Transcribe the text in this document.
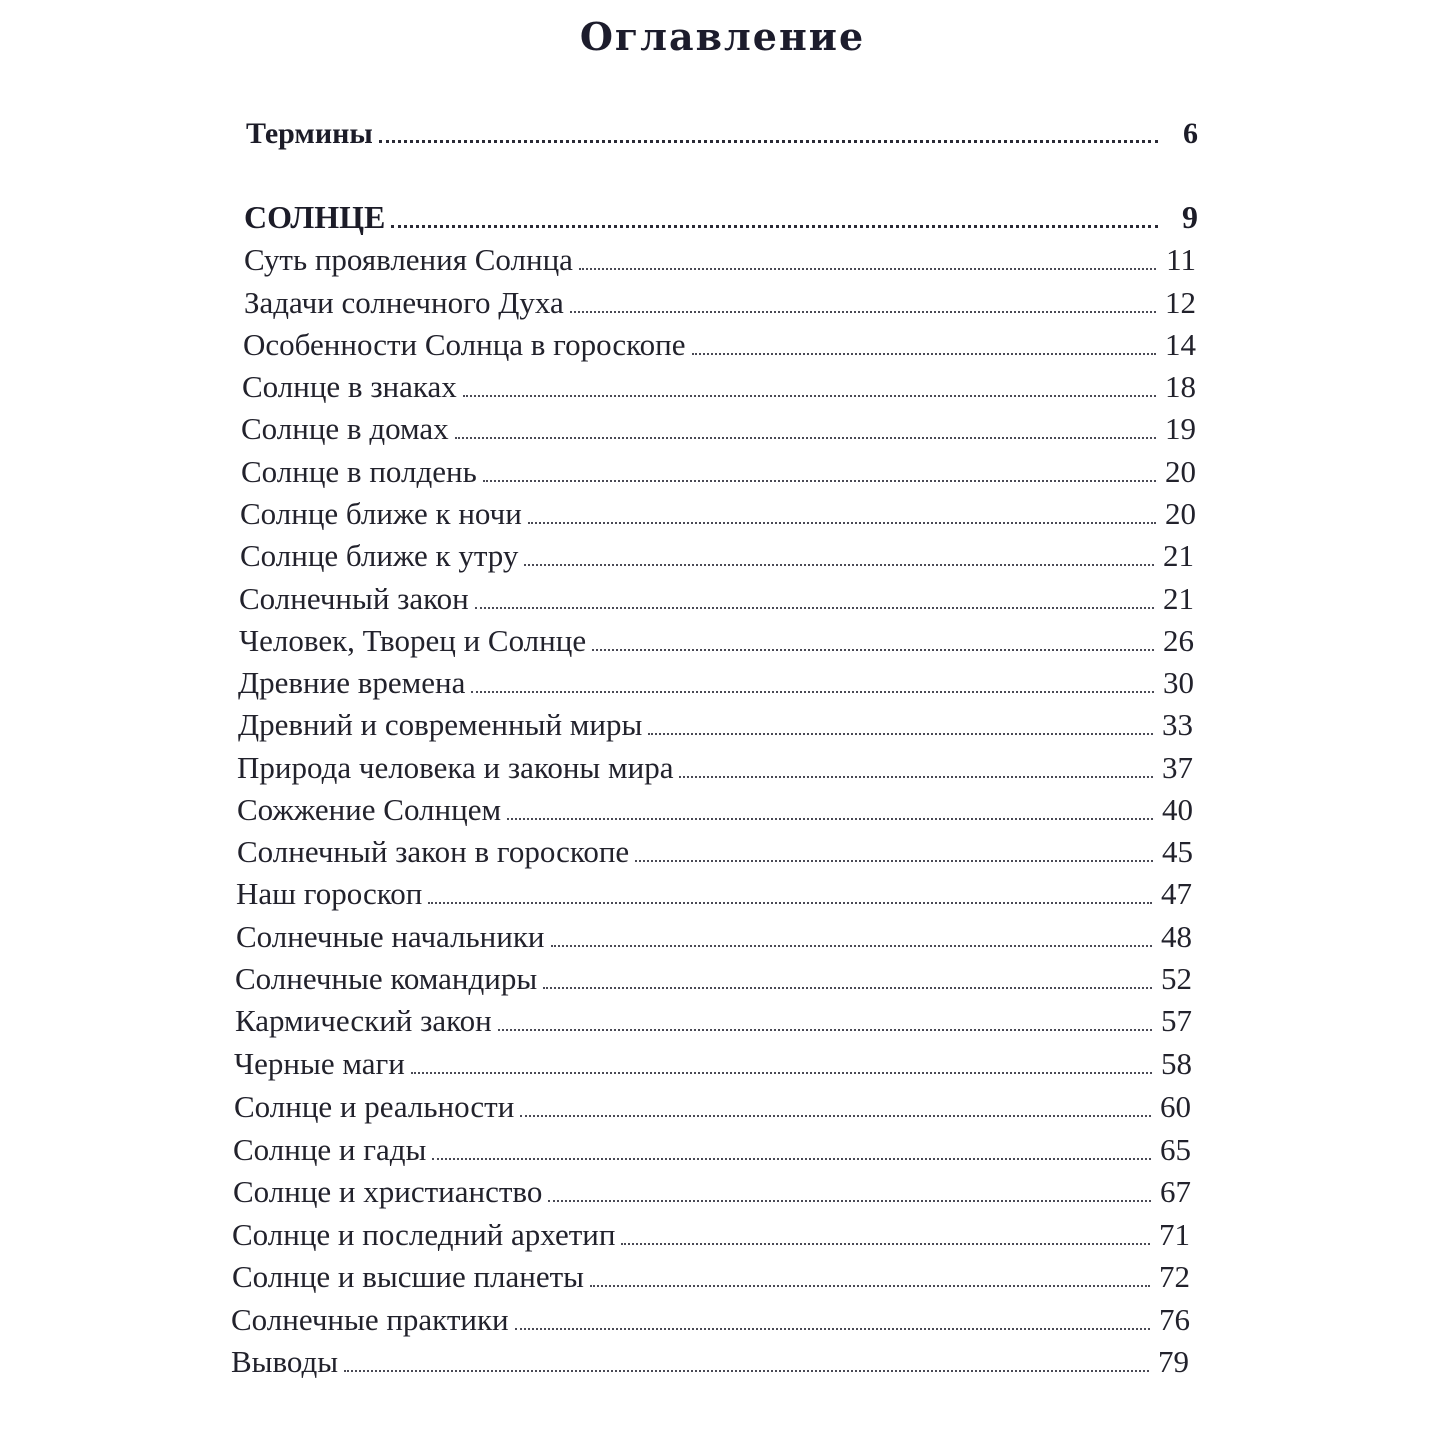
Оглавление
Термины	6
СОЛНЦЕ	9
Суть проявления Солнца	11
Задачи солнечного Духа	12
Особенности Солнца в гороскопе	14
Солнце в знаках	18
Солнце в домах	19
Солнце в полдень	20
Солнце ближе к ночи	20
Солнце ближе к утру	21
Солнечный закон	21
Человек, Творец и Солнце	26
Древние времена	30
Древний и современный миры	33
Природа человека и законы мира	37
Сожжение Солнцем	40
Солнечный закон в гороскопе	45
Наш гороскоп	47
Солнечные начальники	48
Солнечные командиры	52
Кармический закон	57
Черные маги	58
Солнце и реальности	60
Солнце и гады	65
Солнце и христианство	67
Солнце и последний архетип	71
Солнце и высшие планеты	72
Солнечные практики	76
Выводы	79
